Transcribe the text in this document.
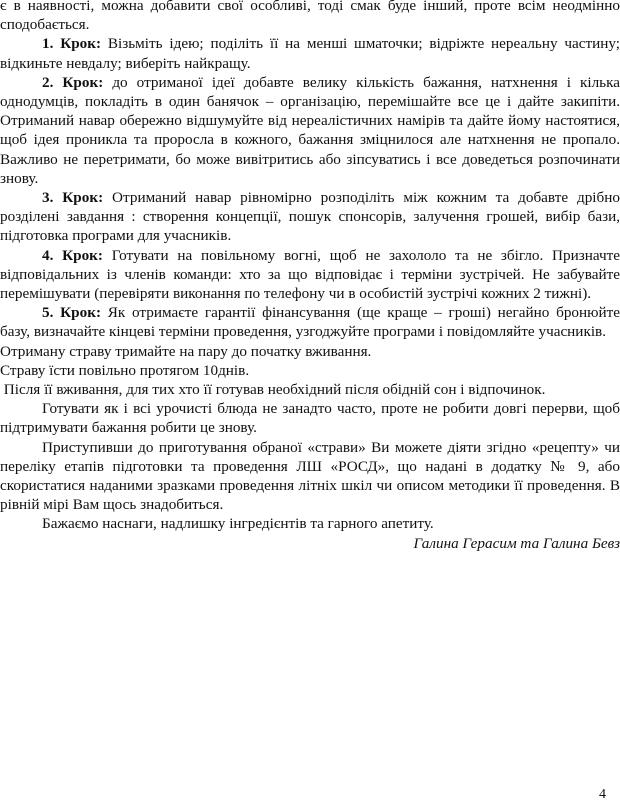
є в наявності, можна добавити свої особливі, тоді смак буде інший, проте всім неодмінно сподобається.

1. Крок: Візьміть ідею; поділіть її на менші шматочки; відріжте нереальну частину; відкиньте невдалу; виберіть найкращу.

2. Крок: до отриманої ідеї добавте велику кількість бажання, натхнення і кілька однодумців, покладіть в один банячок – організацію, перемішайте все це і дайте закипіти. Отриманий навар обережно відшумуйте від нереалістичних намірів та дайте йому настоятися, щоб ідея проникла та проросла в кожного, бажання зміцнилося але натхнення не пропало. Важливо не перетримати, бо може вивітритись або зіпсуватись і все доведеться розпочинати знову.

3. Крок: Отриманий навар рівномірно розподіліть між кожним та добавте дрібно розділені завдання : створення концепції, пошук спонсорів, залучення грошей, вибір бази, підготовка програми для учасників.

4. Крок: Готувати на повільному вогні, щоб не захололо та не збігло. Призначте відповідальних із членів команди: хто за що відповідає і терміни зустрічей. Не забувайте перемішувати (перевіряти виконання по телефону чи в особистій зустрічі кожних 2 тижні).

5. Крок: Як отримаєте гарантії фінансування (ще краще – гроші) негайно бронюйте базу, визначайте кінцеві терміни проведення, узгоджуйте програми і повідомляйте учасників.

Отриману страву тримайте на пару до початку вживання.

Страву їсти повільно протягом 10днів.

Після її вживання, для тих хто її готував необхідний після обідній сон і відпочинок.

Готувати як і всі урочисті блюда не занадто часто, проте не робити довгі перерви, щоб підтримувати бажання робити це знову.

Приступивши до приготування обраної «страви» Ви можете діяти згідно «рецепту» чи переліку етапів підготовки та проведення ЛШ «РОСД», що надані в додатку № 9, або скористатися наданими зразками проведення літніх шкіл чи описом методики її проведення. В рівній мірі Вам щось знадобиться.

Бажаємо наснаги, надлишку інгредієнтів та гарного апетиту.

Галина Герасим та Галина Бевз

4
